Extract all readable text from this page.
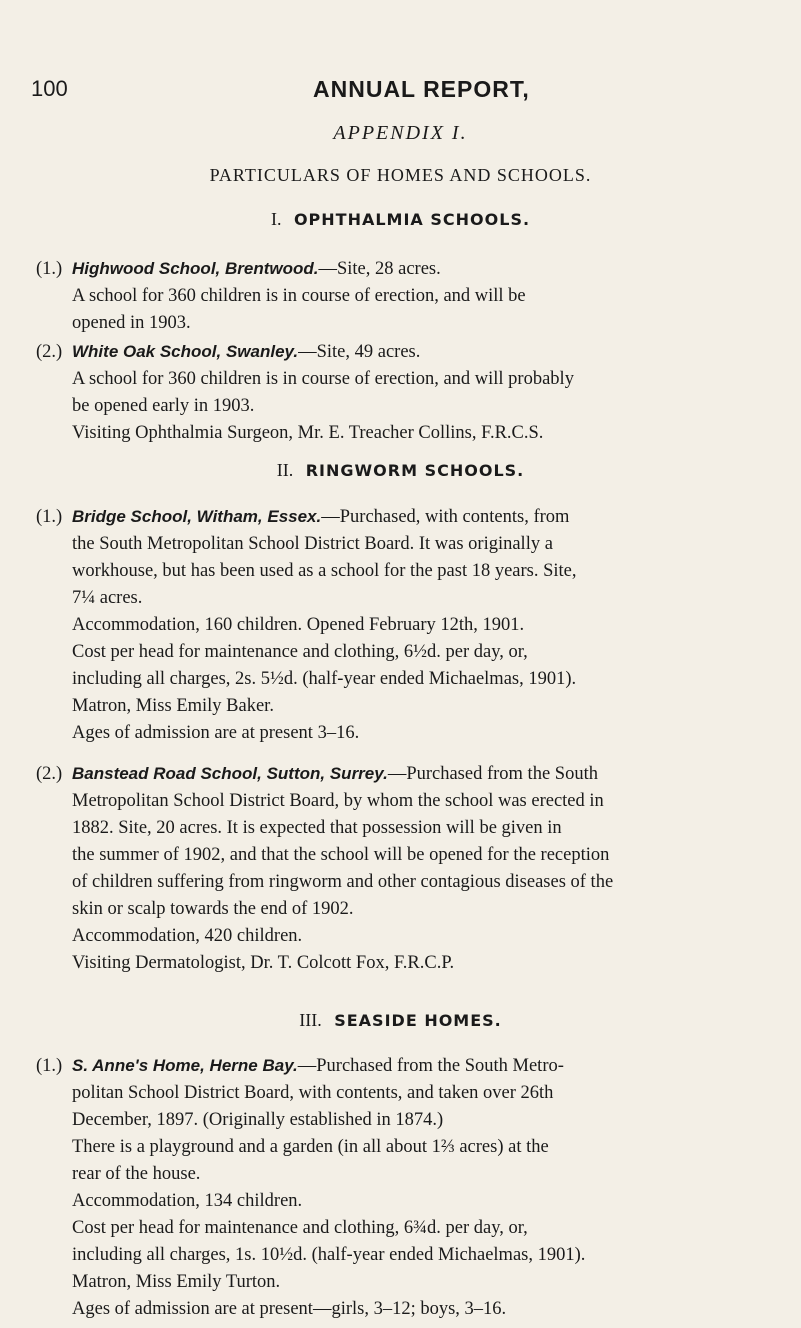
100	ANNUAL REPORT,
APPENDIX I.
PARTICULARS OF HOMES AND SCHOOLS.
I. OPHTHALMIA SCHOOLS.

(1.) Highwood School, Brentwood.—Site, 28 acres.

A school for 360 children is in course of erection, and will be

opened in 1903.

(2.) White Oak School, Swanley.—Site, 49 acres.

A school for 360 children is in course of erection, and will probably

be opened early in 1903.

Visiting Ophthalmia Surgeon, Mr. E. Treacher Collins, F.R.C.S.

II. RINGWORM SCHOOLS.

(1.) Bridge School, Witham, Essex.—Purchased, with contents, from

the South Metropolitan School District Board. It was originally a

workhouse, but has been used as a school for the past 18 years. Site,

7¼ acres.

Accommodation, 160 children. Opened February 12th, 1901.

Cost per head for maintenance and clothing, 6½d. per day, or,

including all charges, 2s. 5½d. (half-year ended Michaelmas, 1901).

Matron, Miss Emily Baker.

Ages of admission are at present 3–16.

(2.) Banstead Road School, Sutton, Surrey.—Purchased from the South

Metropolitan School District Board, by whom the school was erected in

1882. Site, 20 acres. It is expected that possession will be given in

the summer of 1902, and that the school will be opened for the reception

of children suffering from ringworm and other contagious diseases of the

skin or scalp towards the end of 1902.

Accommodation, 420 children.

Visiting Dermatologist, Dr. T. Colcott Fox, F.R.C.P.

III. SEASIDE HOMES.

(1.) S. Anne's Home, Herne Bay.—Purchased from the South Metro-

politan School District Board, with contents, and taken over 26th

December, 1897. (Originally established in 1874.)

There is a playground and a garden (in all about 1⅔ acres) at the

rear of the house.

Accommodation, 134 children.

Cost per head for maintenance and clothing, 6¾d. per day, or,

including all charges, 1s. 10½d. (half-year ended Michaelmas, 1901).

Matron, Miss Emily Turton.

Ages of admission are at present—girls, 3–12; boys, 3–16.
